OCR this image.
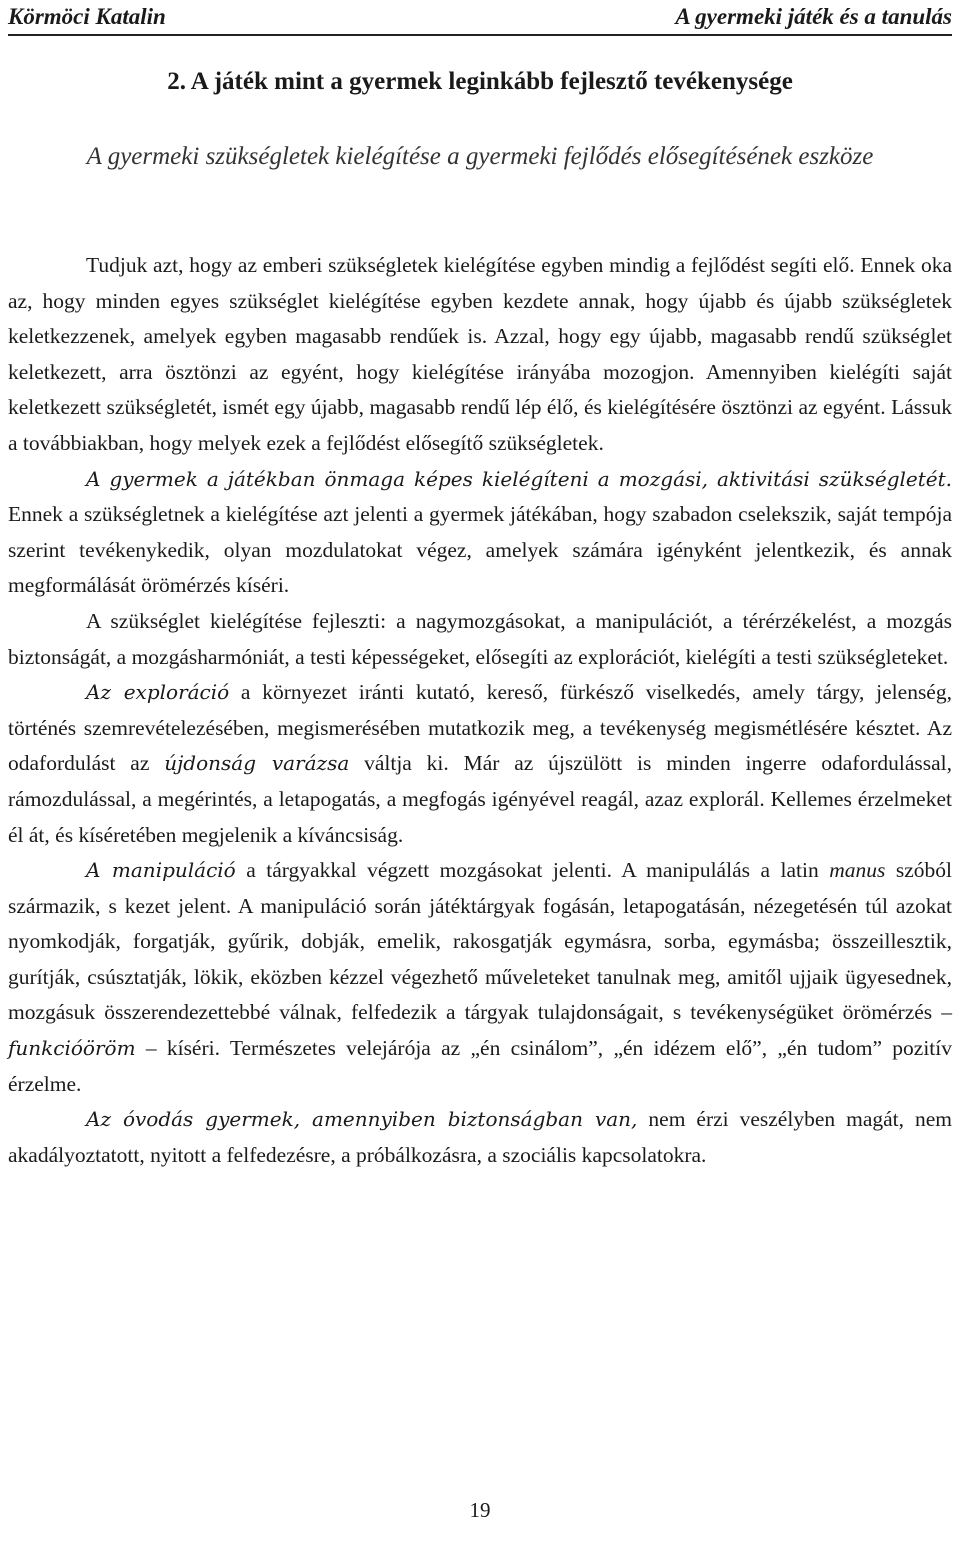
Körmöci Katalin	A gyermeki játék és a tanulás
2. A játék mint a gyermek leginkább fejlesztő tevékenysége
A gyermeki szükségletek kielégítése a gyermeki fejlődés elősegítésének eszköze

Tudjuk azt, hogy az emberi szükségletek kielégítése egyben mindig a fejlődést segíti elő. Ennek oka az, hogy minden egyes szükséglet kielégítése egyben kezdete annak, hogy újabb és újabb szükségletek keletkezzenek, amelyek egyben magasabb rendűek is. Azzal, hogy egy újabb, magasabb rendű szükséglet keletkezett, arra ösztönzi az egyént, hogy kielégítése irányába mozogjon. Amennyiben kielégíti saját keletkezett szükségletét, ismét egy újabb, magasabb rendű lép élő, és kielégítésére ösztönzi az egyént. Lássuk a továbbiakban, hogy melyek ezek a fejlődést elősegítő szükségletek.

A gyermek a játékban önmaga képes kielégíteni a mozgási, aktivitási szükségletét. Ennek a szükségletnek a kielégítése azt jelenti a gyermek játékában, hogy szabadon cselekszik, saját tempója szerint tevékenykedik, olyan mozdulatokat végez, amelyek számára igényként jelentkezik, és annak megformálását örömérzés kíséri.

A szükséglet kielégítése fejleszti: a nagymozgásokat, a manipulációt, a térérzékelést, a mozgás biztonságát, a mozgásharmóniát, a testi képességeket, elősegíti az explorációt, kielégíti a testi szükségleteket.

Az exploráció a környezet iránti kutató, kereső, fürkésző viselkedés, amely tárgy, jelenség, történés szemrevételezésében, megismerésében mutatkozik meg, a tevékenység megismétlésére késztet. Az odafordulást az újdonság varázsa váltja ki. Már az újszülött is minden ingerre odafordulással, rámozdulással, a megérintés, a letapogatás, a megfogás igényével reagál, azaz explorál. Kellemes érzelmeket él át, és kíséretében megjelenik a kíváncsiság.

A manipuláció a tárgyakkal végzett mozgásokat jelenti. A manipulálás a latin manus szóból származik, s kezet jelent. A manipuláció során játéktárgyak fogásán, letapogatásán, nézegetésén túl azokat nyomkodják, forgatják, gyűrik, dobják, emelik, rakosgatják egymásra, sorba, egymásba; összeillesztik, gurítják, csúsztatják, lökik, eközben kézzel végezhető műveleteket tanulnak meg, amitől ujjaik ügyesednek, mozgásuk összerendezettebbé válnak, felfedezik a tárgyak tulajdonságait, s tevékenységüket örömérzés – funkcióöröm – kíséri. Természetes velejárója az „én csinálom”, „én idézem elő”, „én tudom” pozitív érzelme.

Az óvodás gyermek, amennyiben biztonságban van, nem érzi veszélyben magát, nem akadályoztatott, nyitott a felfedezésre, a próbálkozásra, a szociális kapcsolatokra.

19
